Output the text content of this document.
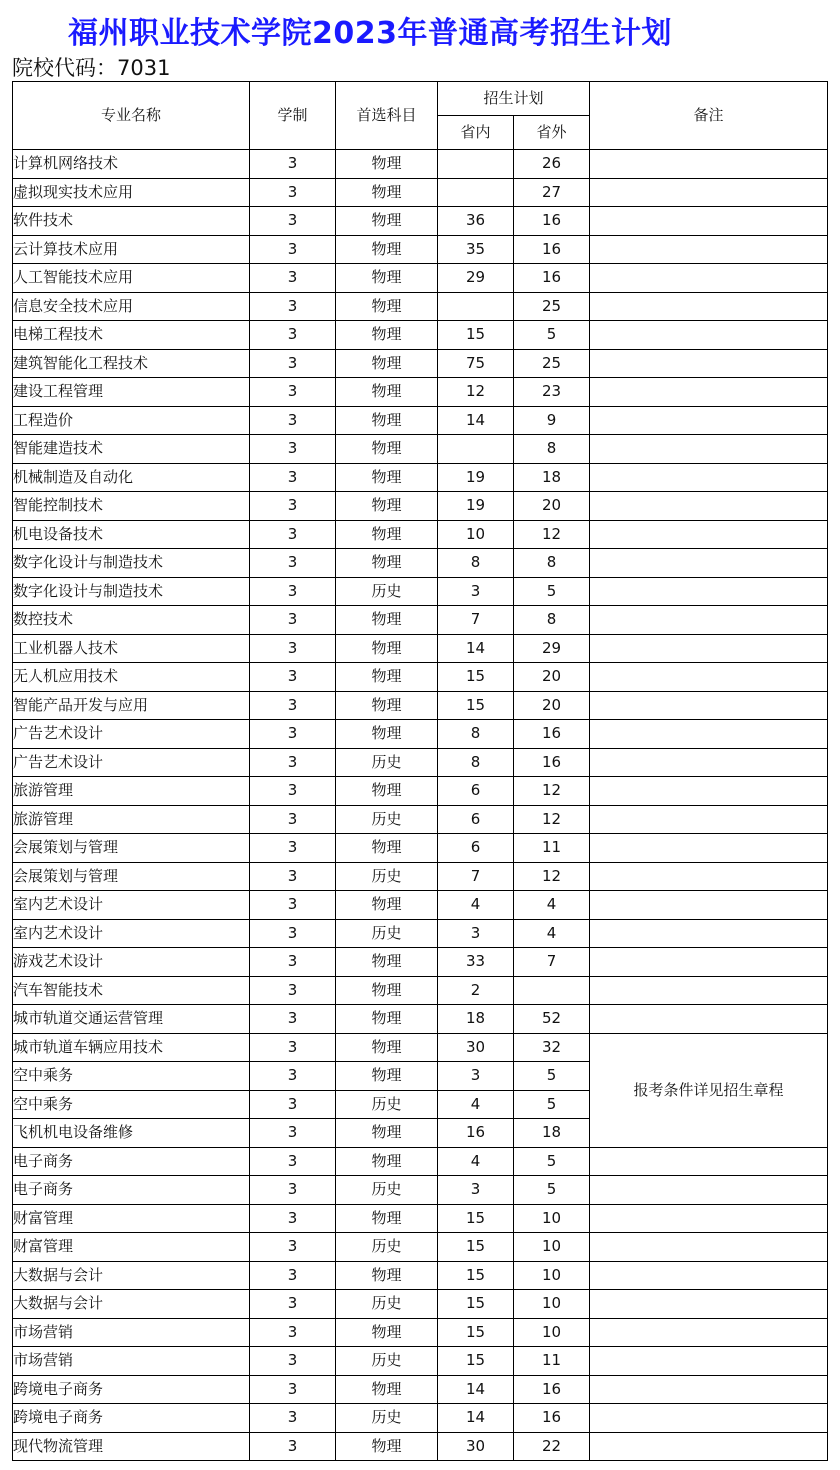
福州职业技术学院2023年普通高考招生计划
院校代码：7031
专业名称	学制	首选科目	招生计划		备注
			省内	省外	
计算机网络技术	3	物理		26	
虚拟现实技术应用	3	物理		27	
软件技术	3	物理	36	16	
云计算技术应用	3	物理	35	16	
人工智能技术应用	3	物理	29	16	
信息安全技术应用	3	物理		25	
电梯工程技术	3	物理	15	5	
建筑智能化工程技术	3	物理	75	25	
建设工程管理	3	物理	12	23	
工程造价	3	物理	14	9	
智能建造技术	3	物理		8	
机械制造及自动化	3	物理	19	18	
智能控制技术	3	物理	19	20	
机电设备技术	3	物理	10	12	
数字化设计与制造技术	3	物理	8	8	
数字化设计与制造技术	3	历史	3	5	
数控技术	3	物理	7	8	
工业机器人技术	3	物理	14	29	
无人机应用技术	3	物理	15	20	
智能产品开发与应用	3	物理	15	20	
广告艺术设计	3	物理	8	16	
广告艺术设计	3	历史	8	16	
旅游管理	3	物理	6	12	
旅游管理	3	历史	6	12	
会展策划与管理	3	物理	6	11	
会展策划与管理	3	历史	7	12	
室内艺术设计	3	物理	4	4	
室内艺术设计	3	历史	3	4	
游戏艺术设计	3	物理	33	7	
汽车智能技术	3	物理	2		
城市轨道交通运营管理	3	物理	18	52	
城市轨道车辆应用技术	3	物理	30	32	报考条件详见招生章程
空中乘务	3	物理	3	5	
空中乘务	3	历史	4	5	
飞机机电设备维修	3	物理	16	18	
电子商务	3	物理	4	5	
电子商务	3	历史	3	5	
财富管理	3	物理	15	10	
财富管理	3	历史	15	10	
大数据与会计	3	物理	15	10	
大数据与会计	3	历史	15	10	
市场营销	3	物理	15	10	
市场营销	3	历史	15	11	
跨境电子商务	3	物理	14	16	
跨境电子商务	3	历史	14	16	
现代物流管理	3	物理	30	22	
